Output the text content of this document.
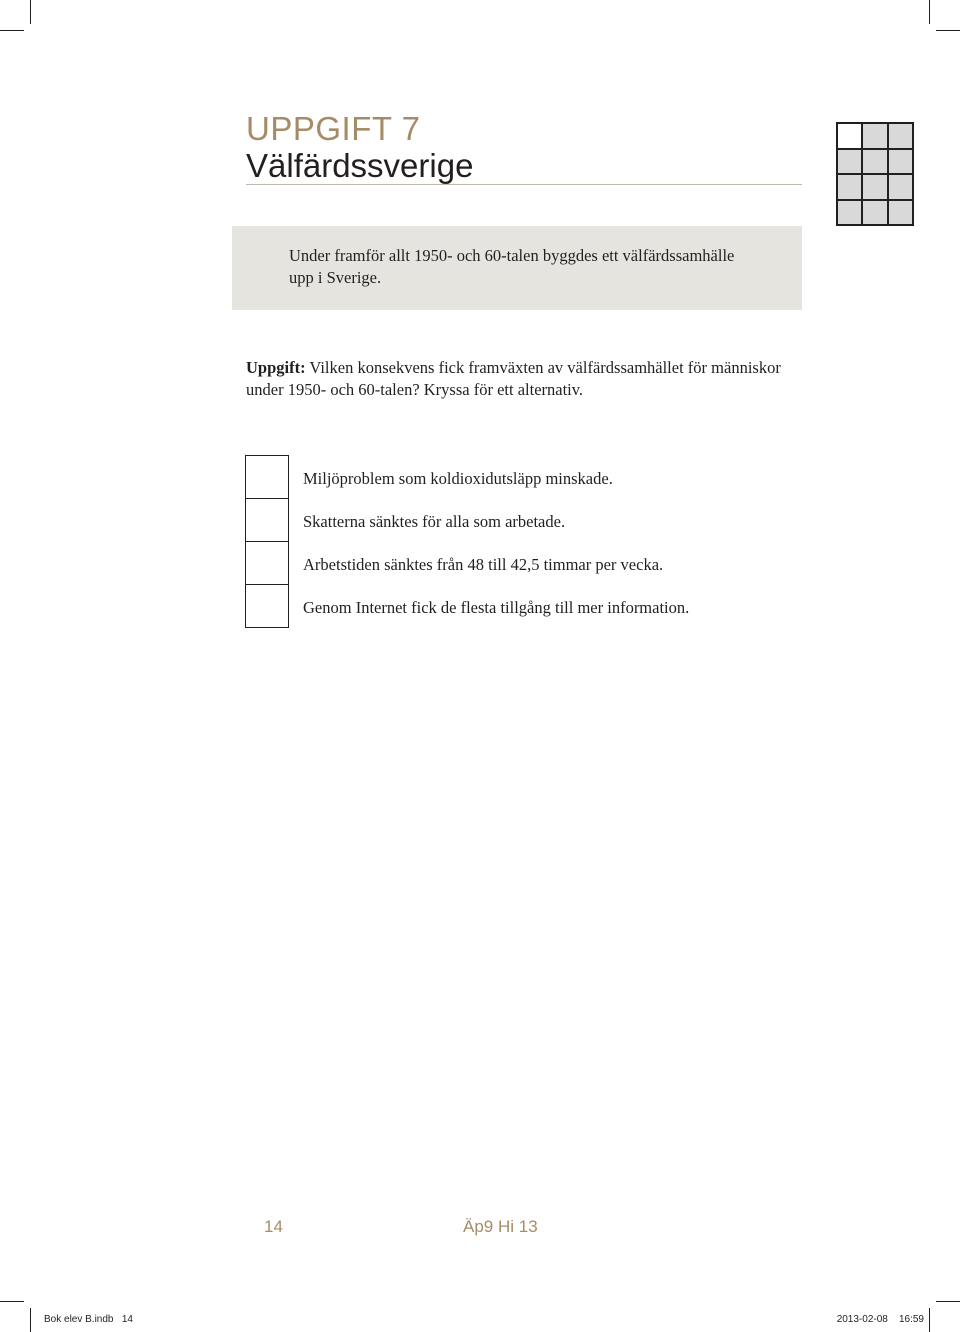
UPPGIFT 7
Välfärdssverige
Under framför allt 1950- och 60-talen byggdes ett välfärdssamhälle
upp i Sverige.
Uppgift: Vilken konsekvens fick framväxten av välfärdssamhället för människor
under 1950- och 60-talen? Kryssa för ett alternativ.
Miljöproblem som koldioxidutsläpp minskade.
Skatterna sänktes för alla som arbetade.
Arbetstiden sänktes från 48 till 42,5 timmar per vecka.
Genom Internet fick de flesta tillgång till mer information.
14	Äp9 Hi 13
Bok elev B.indb 14	2013-02-08 16:59
